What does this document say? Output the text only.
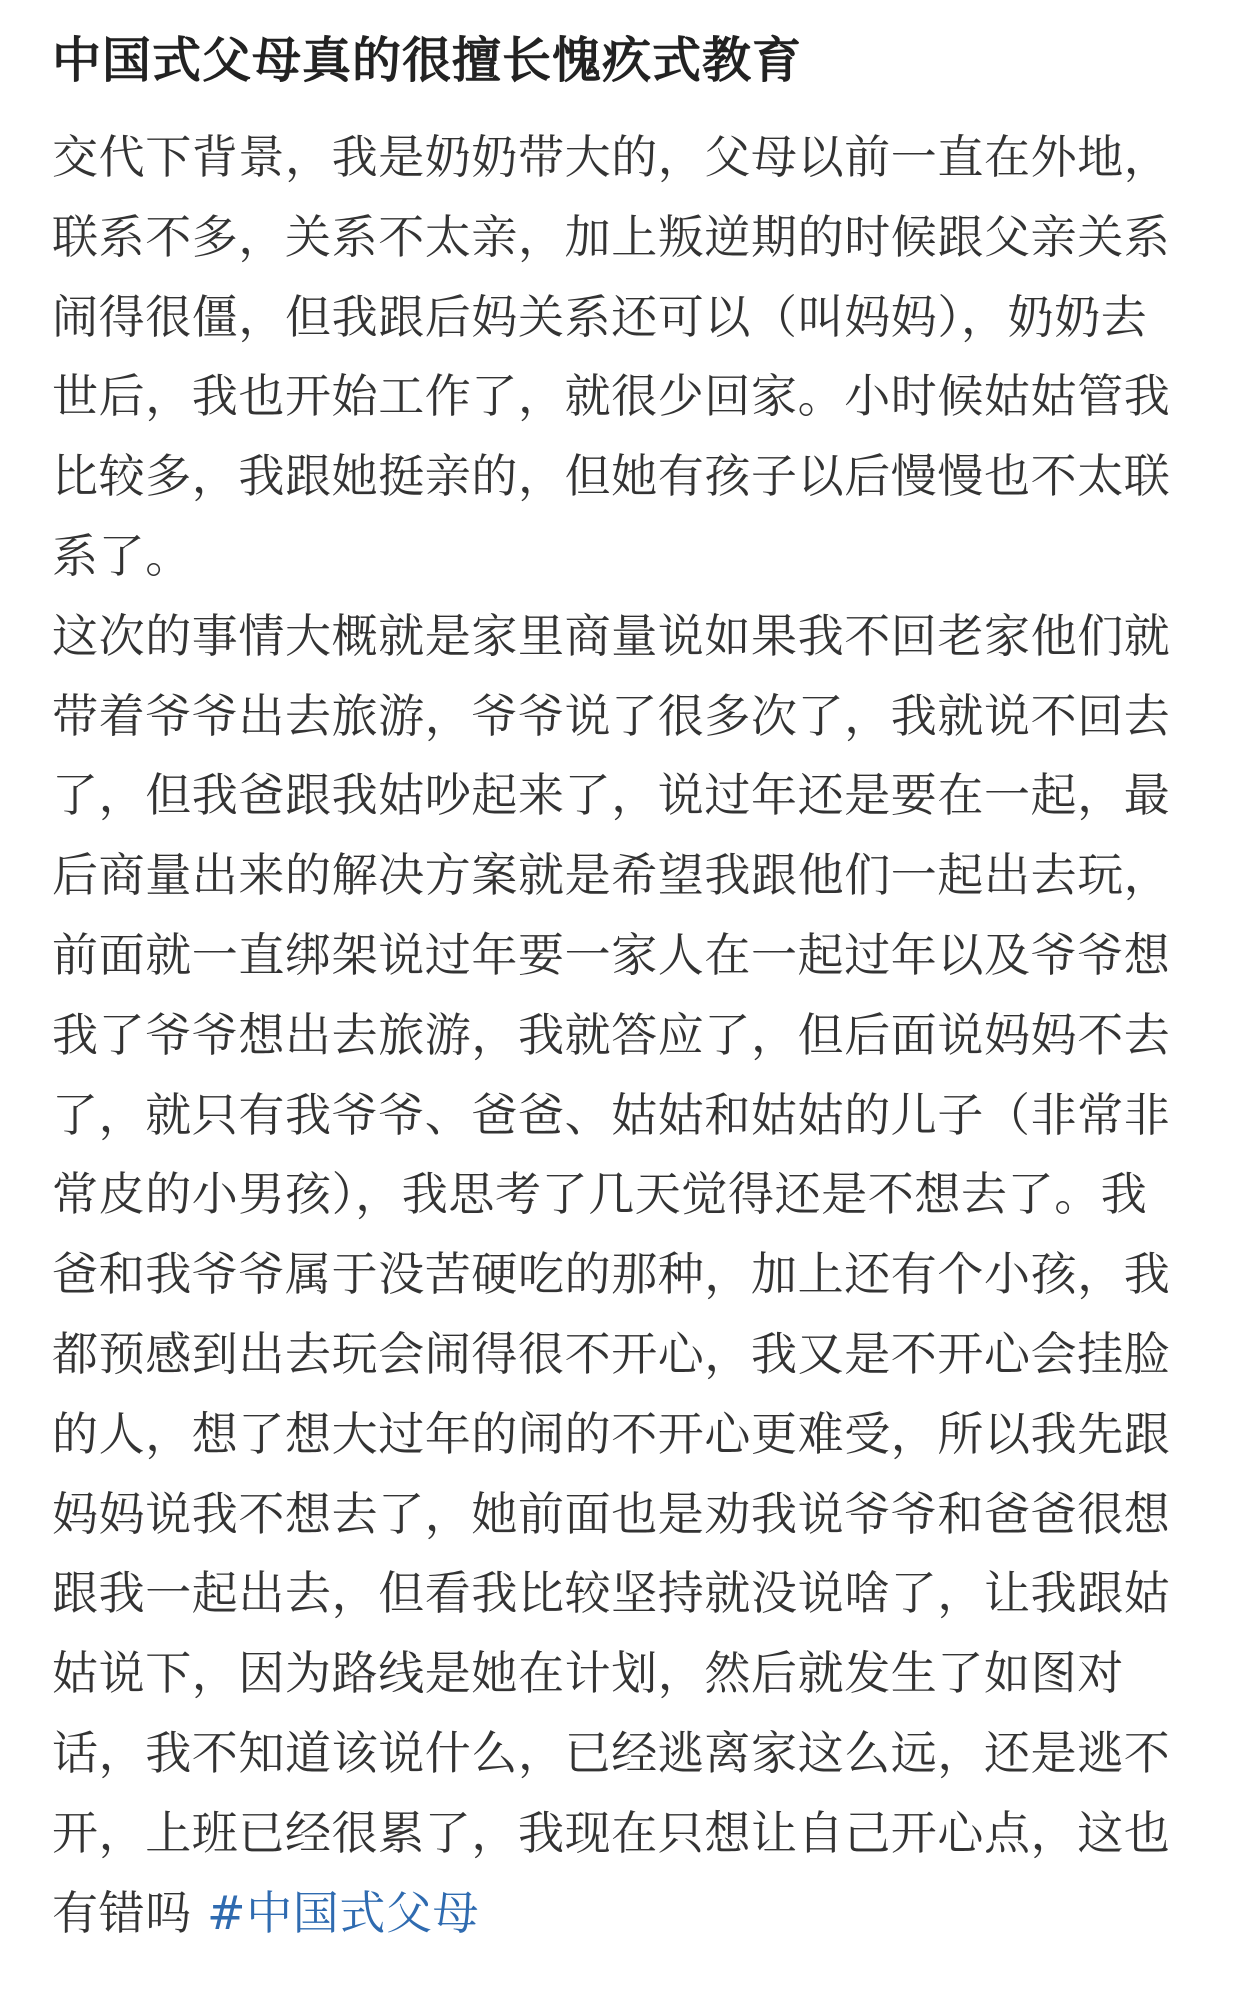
中国式父母真的很擅长愧疚式教育

交代下背景，我是奶奶带大的，父母以前一直在外地，联系不多，关系不太亲，加上叛逆期的时候跟父亲关系闹得很僵，但我跟后妈关系还可以（叫妈妈），奶奶去世后，我也开始工作了，就很少回家。小时候姑姑管我比较多，我跟她挺亲的，但她有孩子以后慢慢也不太联系了。

这次的事情大概就是家里商量说如果我不回老家他们就带着爷爷出去旅游，爷爷说了很多次了，我就说不回去了，但我爸跟我姑吵起来了，说过年还是要在一起，最后商量出来的解决方案就是希望我跟他们一起出去玩，前面就一直绑架说过年要一家人在一起过年以及爷爷想我了爷爷想出去旅游，我就答应了，但后面说妈妈不去了，就只有我爷爷、爸爸、姑姑和姑姑的儿子（非常非常皮的小男孩），我思考了几天觉得还是不想去了。我爸和我爷爷属于没苦硬吃的那种，加上还有个小孩，我都预感到出去玩会闹得很不开心，我又是不开心会挂脸的人，想了想大过年的闹的不开心更难受，所以我先跟妈妈说我不想去了，她前面也是劝我说爷爷和爸爸很想跟我一起出去，但看我比较坚持就没说啥了，让我跟姑姑说下，因为路线是她在计划，然后就发生了如图对话，我不知道该说什么，已经逃离家这么远，还是逃不开，上班已经很累了，我现在只想让自己开心点，这也有错吗 #中国式父母
